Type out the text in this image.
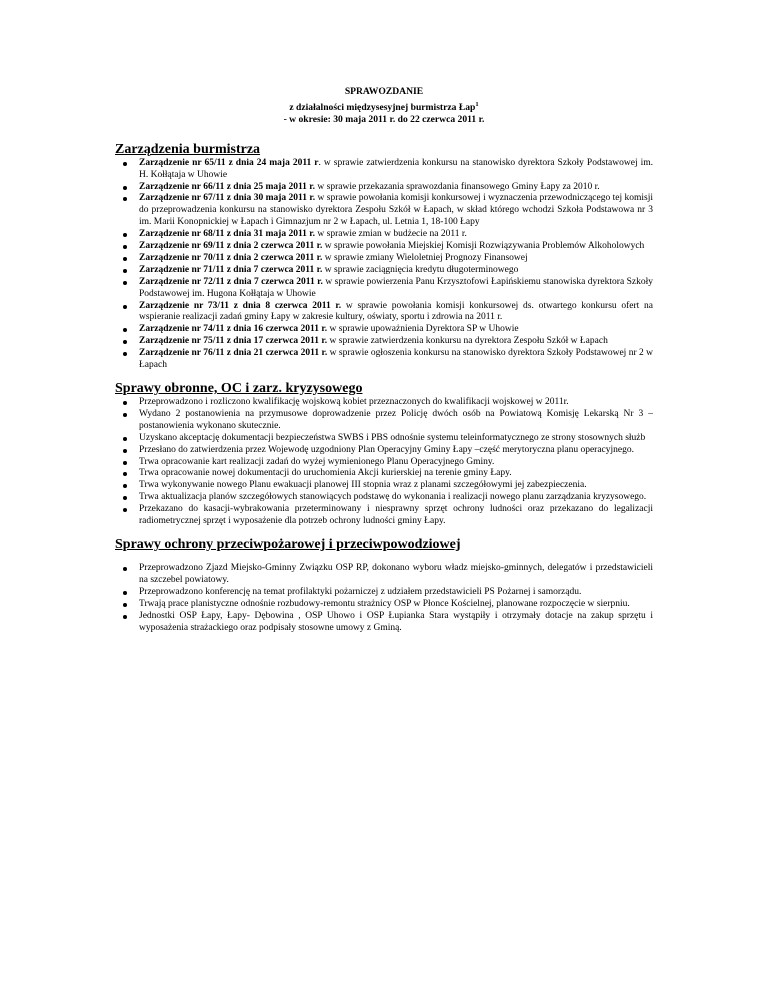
SPRAWOZDANIE
z działalności międzysesyjnej burmistrza Łap$^1$
- w okresie: 30 maja 2011 r. do 22 czerwca 2011 r.
Zarządzenia burmistrza
Zarządzenie nr 65/11 z dnia 24 maja 2011 r. w sprawie zatwierdzenia konkursu na stanowisko dyrektora Szkoły Podstawowej im. H. Kołłątaja w Uhowie
Zarządzenie nr 66/11 z dnia 25 maja 2011 r. w sprawie przekazania sprawozdania finansowego Gminy Łapy za 2010 r.
Zarządzenie nr 67/11 z dnia 30 maja 2011 r. w sprawie powołania komisji konkursowej i wyznaczenia przewodniczącego tej komisji do przeprowadzenia konkursu na stanowisko dyrektora Zespołu Szkół w Łapach, w skład którego wchodzi Szkoła Podstawowa nr 3 im. Marii Konopnickiej w Łapach i Gimnazjum nr 2 w Łapach, ul. Letnia 1, 18-100 Łapy
Zarządzenie nr 68/11 z dnia 31 maja 2011 r. w sprawie zmian w budżecie na 2011 r.
Zarządzenie nr 69/11 z dnia 2 czerwca 2011 r. w sprawie powołania Miejskiej Komisji Rozwiązywania Problemów Alkoholowych
Zarządzenie nr 70/11 z dnia 2 czerwca 2011 r. w sprawie zmiany Wieloletniej Prognozy Finansowej
Zarządzenie nr 71/11 z dnia 7 czerwca 2011 r. w sprawie zaciągnięcia kredytu długoterminowego
Zarządzenie nr 72/11 z dnia 7 czerwca 2011 r. w sprawie powierzenia Panu Krzysztofowi Łapińskiemu stanowiska dyrektora Szkoły Podstawowej im. Hugona Kołłątaja w Uhowie
Zarządzenie nr 73/11 z dnia 8 czerwca 2011 r. w sprawie powołania komisji konkursowej ds. otwartego konkursu ofert na wspieranie realizacji zadań gminy Łapy w zakresie kultury, oświaty, sportu i zdrowia na 2011 r.
Zarządzenie nr 74/11 z dnia 16 czerwca 2011 r. w sprawie upoważnienia Dyrektora SP w Uhowie
Zarządzenie nr 75/11 z dnia 17 czerwca 2011 r. w sprawie zatwierdzenia konkursu na dyrektora Zespołu Szkół w Łapach
Zarządzenie nr 76/11 z dnia 21 czerwca 2011 r. w sprawie ogłoszenia konkursu na stanowisko dyrektora Szkoły Podstawowej nr 2 w Łapach
Sprawy obronne, OC i zarz. kryzysowego
Przeprowadzono i rozliczono kwalifikację wojskową kobiet przeznaczonych do kwalifikacji wojskowej w 2011r.
Wydano 2 postanowienia na przymusowe doprowadzenie przez Policję dwóch osób na Powiatową Komisję Lekarską Nr 3 – postanowienia wykonano skutecznie.
Uzyskano akceptację dokumentacji bezpieczeństwa SWBS i PBS odnośnie systemu teleinformatycznego ze strony stosownych służb
Przesłano do zatwierdzenia przez Wojewodę uzgodniony Plan Operacyjny Gminy Łapy –część merytoryczna planu operacyjnego.
Trwa opracowanie kart realizacji zadań do wyżej wymienionego Planu Operacyjnego Gminy.
Trwa opracowanie nowej dokumentacji do uruchomienia Akcji kurierskiej na terenie gminy Łapy.
Trwa wykonywanie nowego Planu ewakuacji planowej III stopnia wraz z planami szczegółowymi jej zabezpieczenia.
Trwa aktualizacja planów szczegółowych stanowiących podstawę do wykonania i realizacji nowego planu zarządzania kryzysowego.
Przekazano do kasacji-wybrakowania przeterminowany i niesprawny sprzęt ochrony ludności oraz przekazano do legalizacji radiometrycznej sprzęt i wyposażenie dla potrzeb ochrony ludności gminy Łapy.
Sprawy ochrony przeciwpożarowej i przeciwpowodziowej
Przeprowadzono Zjazd Miejsko-Gminny Związku OSP RP, dokonano wyboru władz miejsko-gminnych, delegatów i przedstawicieli na szczebel powiatowy.
Przeprowadzono konferencję na temat profilaktyki pożarniczej z udziałem przedstawicieli PS Pożarnej i samorządu.
Trwają prace planistyczne odnośnie rozbudowy-remontu strażnicy OSP w Płonce Kościelnej, planowane rozpoczęcie w sierpniu.
Jednostki OSP Łapy, Łapy- Dębowina , OSP Uhowo i OSP Łupianka Stara wystąpiły i otrzymały dotacje na zakup sprzętu i wyposażenia strażackiego oraz podpisały stosowne umowy z Gminą.
